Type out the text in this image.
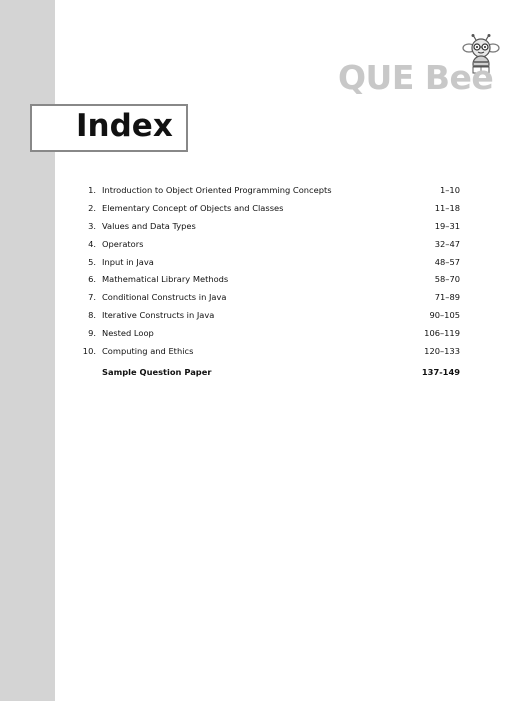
QUE Bee
Index
1. Introduction to Object Oriented Programming Concepts	1–10
2. Elementary Concept of Objects and Classes	11–18
3. Values and Data Types	19–31
4. Operators	32–47
5. Input in Java	48–57
6. Mathematical Library Methods	58–70
7. Conditional Constructs in Java	71–89
8. Iterative Constructs in Java	90–105
9. Nested Loop	106–119
10. Computing and Ethics	120–133
Sample Question Paper	137-149
